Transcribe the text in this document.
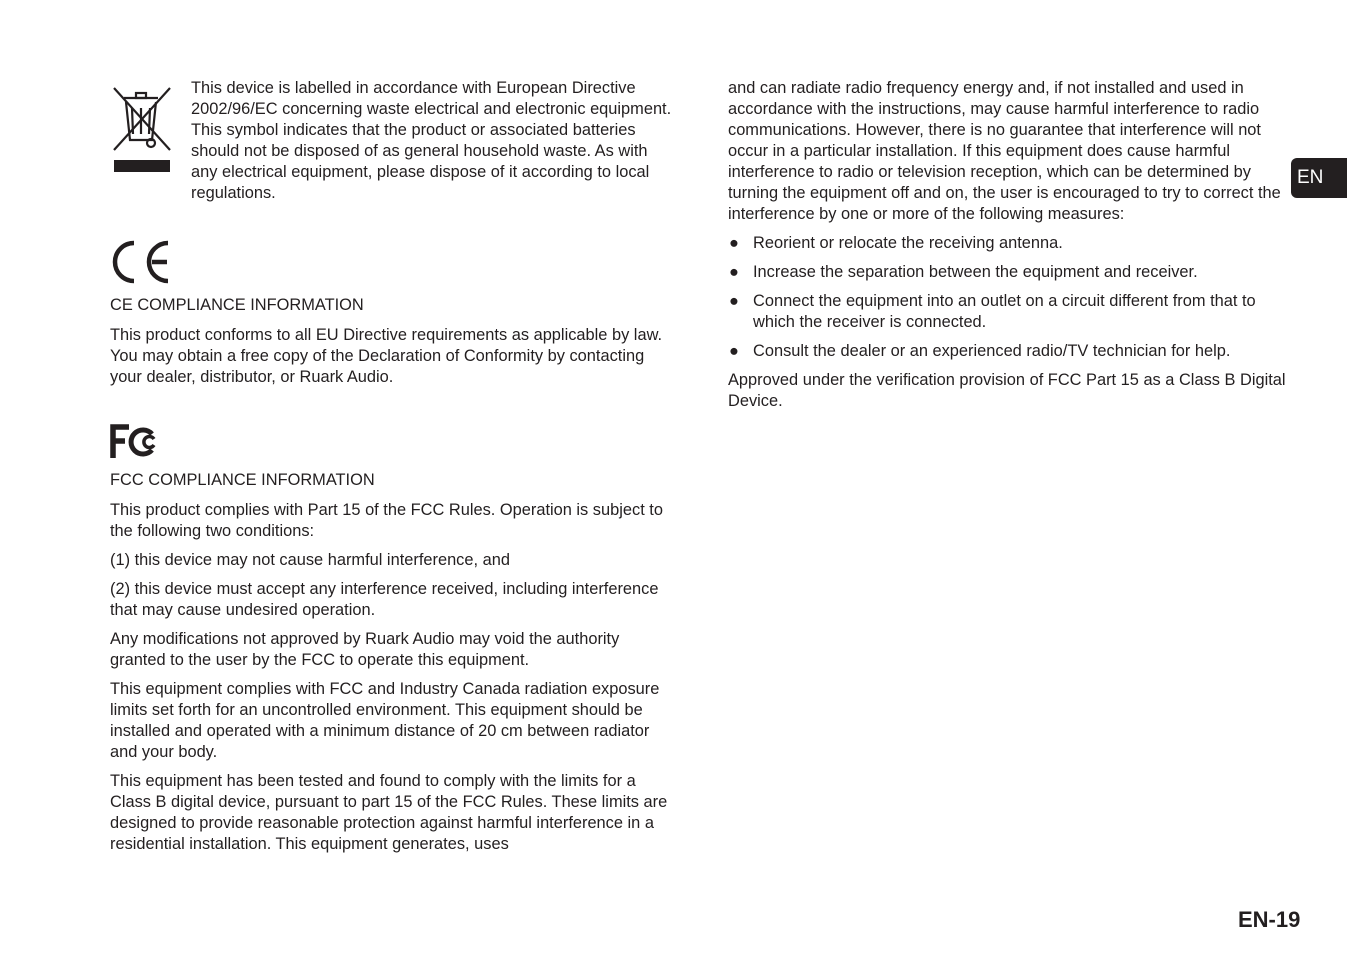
This device is labelled in accordance with European Directive 2002/96/EC concerning waste electrical and electronic equipment. This symbol indicates that the product or associated batteries should not be disposed of as general household waste. As with any electrical equipment, please dispose of it according to local regulations.

CE COMPLIANCE INFORMATION

This product conforms to all EU Directive requirements as applicable by law. You may obtain a free copy of the Declaration of Conformity by contacting your dealer, distributor, or Ruark Audio.

FCC COMPLIANCE INFORMATION

This product complies with Part 15 of the FCC Rules. Operation is subject to the following two conditions:

(1) this device may not cause harmful interference, and

(2) this device must accept any interference received, including interference that may cause undesired operation.

Any modifications not approved by Ruark Audio may void the authority granted to the user by the FCC to operate this equipment.

This equipment complies with FCC and Industry Canada radiation exposure limits set forth for an uncontrolled environment. This equipment should be installed and operated with a minimum distance of 20 cm between radiator and your body.

This equipment has been tested and found to comply with the limits for a Class B digital device, pursuant to part 15 of the FCC Rules. These limits are designed to provide reasonable protection against harmful interference in a residential installation. This equipment generates, uses

and can radiate radio frequency energy and, if not installed and used in accordance with the instructions, may cause harmful interference to radio communications. However, there is no guarantee that interference will not occur in a particular installation. If this equipment does cause harmful interference to radio or television reception, which can be determined by turning the equipment off and on, the user is encouraged to try to correct the interference by one or more of the following measures:

● Reorient or relocate the receiving antenna.
● Increase the separation between the equipment and receiver.
● Connect the equipment into an outlet on a circuit different from that to which the receiver is connected.
● Consult the dealer or an experienced radio/TV technician for help.

Approved under the verification provision of FCC Part 15 as a Class B Digital Device.

EN
EN-19
